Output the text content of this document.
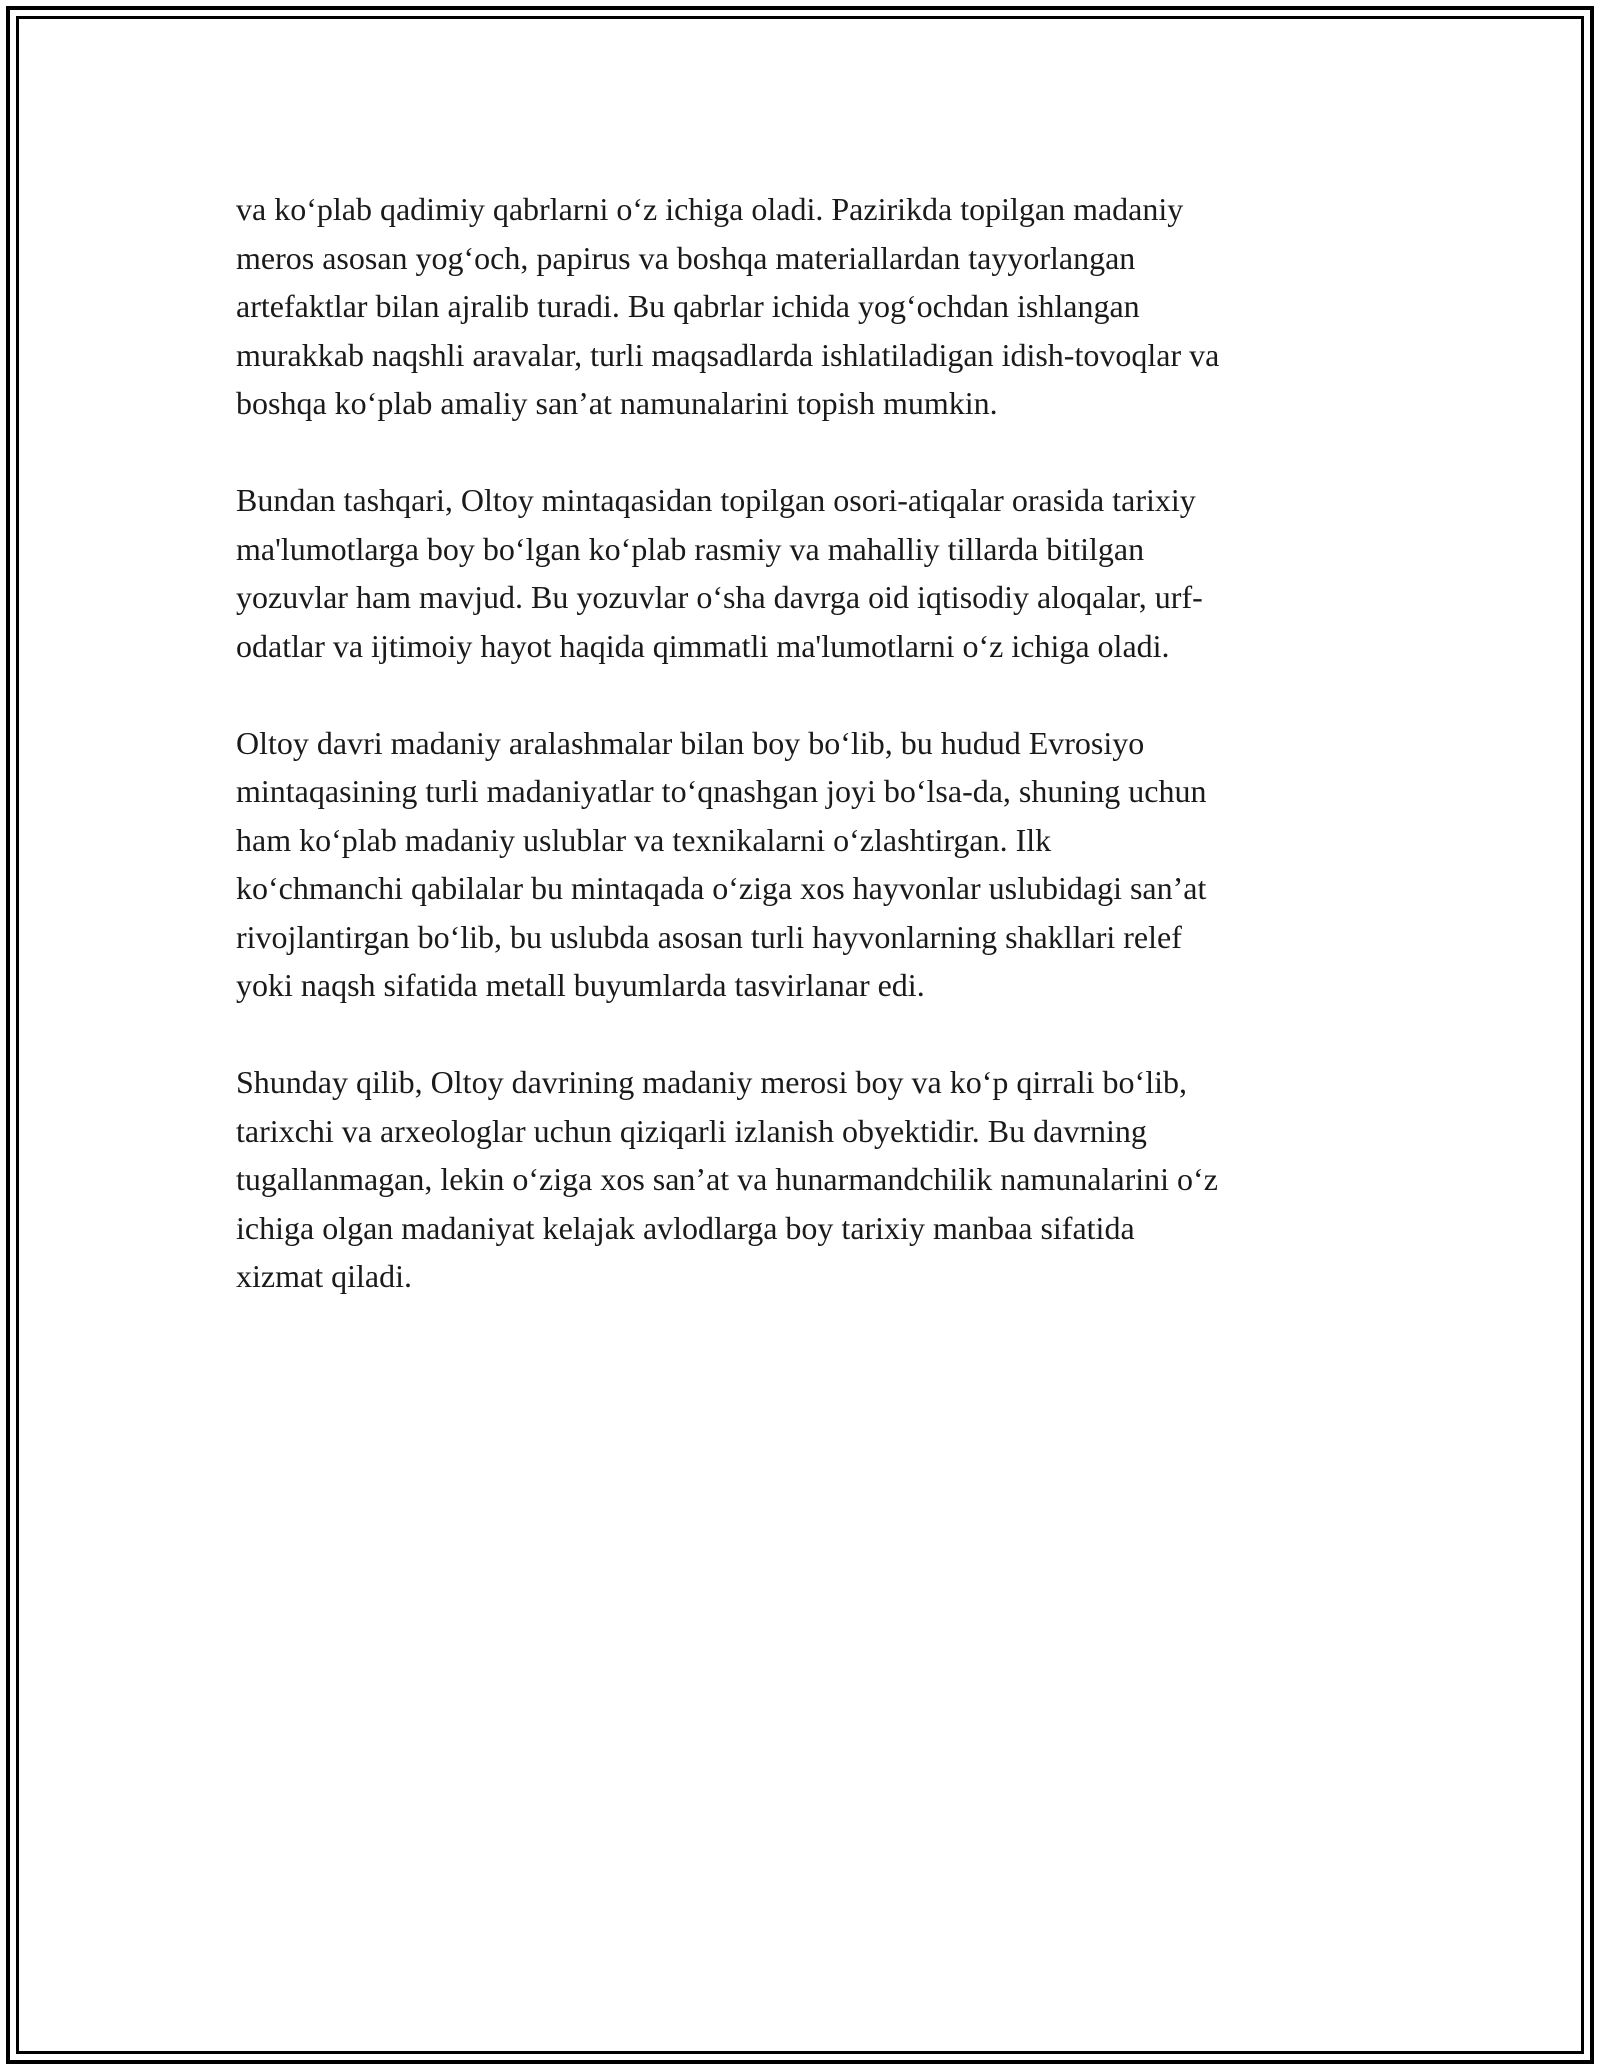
va ko‘plab qadimiy qabrlarni o‘z ichiga oladi. Pazirikda topilgan madaniy
meros asosan yog‘och, papirus va boshqa materiallardan tayyorlangan
artefaktlar bilan ajralib turadi. Bu qabrlar ichida yog‘ochdan ishlangan
murakkab naqshli aravalar, turli maqsadlarda ishlatiladigan idish-tovoqlar va
boshqa ko‘plab amaliy san’at namunalarini topish mumkin.

Bundan tashqari, Oltoy mintaqasidan topilgan osori-atiqalar orasida tarixiy
ma'lumotlarga boy bo‘lgan ko‘plab rasmiy va mahalliy tillarda bitilgan
yozuvlar ham mavjud. Bu yozuvlar o‘sha davrga oid iqtisodiy aloqalar, urf-
odatlar va ijtimoiy hayot haqida qimmatli ma'lumotlarni o‘z ichiga oladi.

Oltoy davri madaniy aralashmalar bilan boy bo‘lib, bu hudud Evrosiyo
mintaqasining turli madaniyatlar to‘qnashgan joyi bo‘lsa-da, shuning uchun
ham ko‘plab madaniy uslublar va texnikalarni o‘zlashtirgan. Ilk
ko‘chmanchi qabilalar bu mintaqada o‘ziga xos hayvonlar uslubidagi san’at
rivojlantirgan bo‘lib, bu uslubda asosan turli hayvonlarning shakllari relef
yoki naqsh sifatida metall buyumlarda tasvirlanar edi.

Shunday qilib, Oltoy davrining madaniy merosi boy va ko‘p qirrali bo‘lib,
tarixchi va arxeologlar uchun qiziqarli izlanish obyektidir. Bu davrning
tugallanmagan, lekin o‘ziga xos san’at va hunarmandchilik namunalarini o‘z
ichiga olgan madaniyat kelajak avlodlarga boy tarixiy manbaa sifatida
xizmat qiladi.
